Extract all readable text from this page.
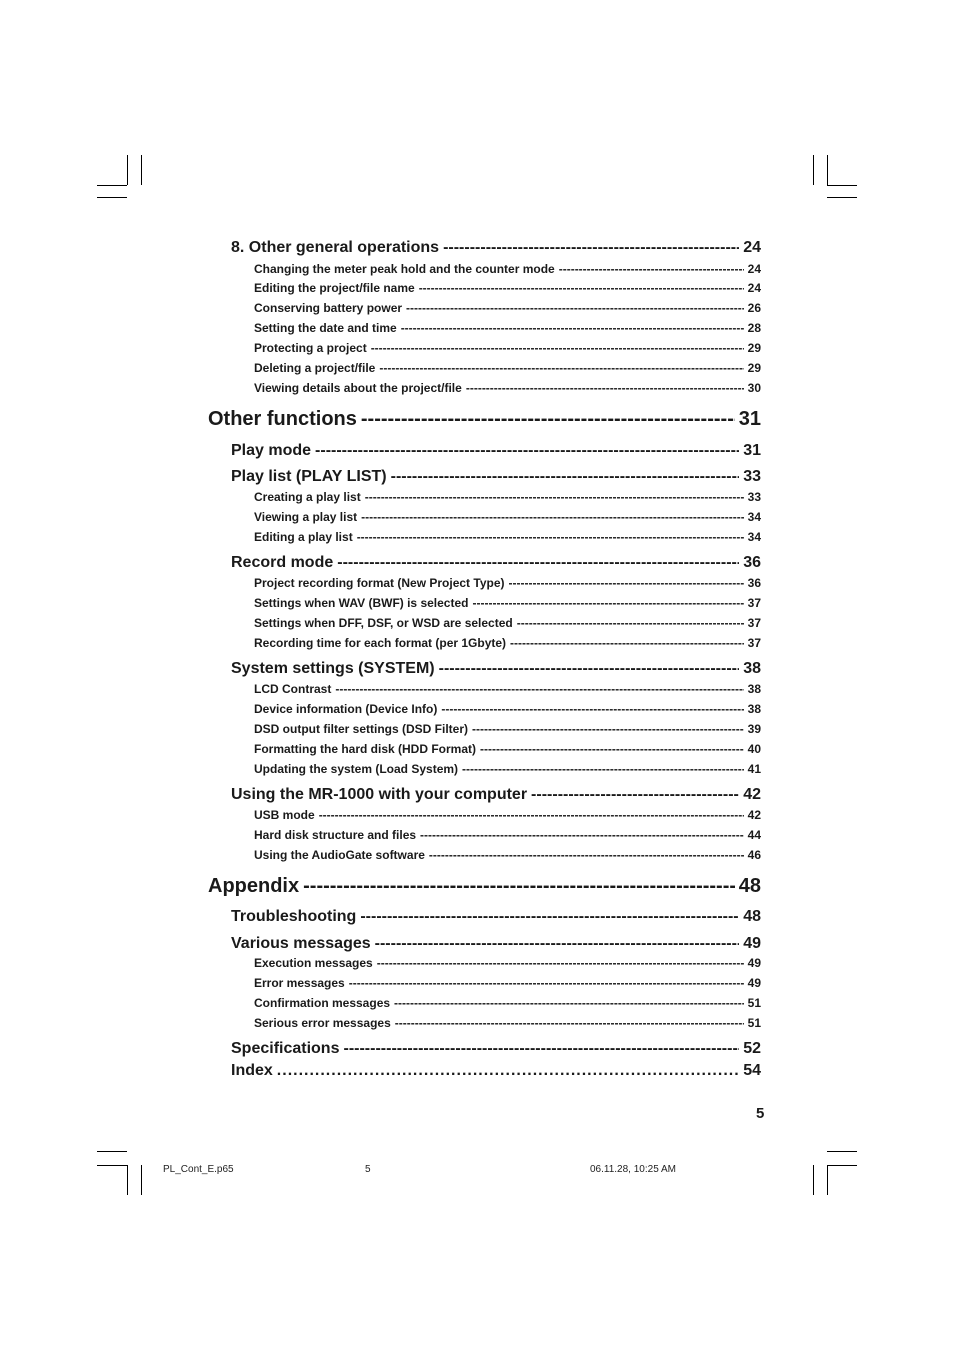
8. Other general operations -----	24
Changing the meter peak hold and the counter mode -----	24
Editing the project/file name -----	24
Conserving battery power -----	26
Setting the date and time -----	28
Protecting a project -----	29
Deleting a project/file -----	29
Viewing details about the project/file -----	30
Other functions -----	31
Play mode -----	31
Play list (PLAY LIST) -----	33
Creating a play list -----	33
Viewing a play list -----	34
Editing a play list -----	34
Record mode -----	36
Project recording format (New Project Type) -----	36
Settings when WAV (BWF) is selected -----	37
Settings when DFF, DSF, or WSD are selected -----	37
Recording time for each format (per 1Gbyte) -----	37
System settings (SYSTEM) -----	38
LCD Contrast -----	38
Device information (Device Info) -----	38
DSD output filter settings (DSD Filter) -----	39
Formatting the hard disk (HDD Format) -----	40
Updating the system (Load System) -----	41
Using the MR-1000 with your computer -----	42
USB mode -----	42
Hard disk structure and files -----	44
Using the AudioGate software -----	46
Appendix -----	48
Troubleshooting -----	48
Various messages -----	49
Execution messages -----	49
Error messages -----	49
Confirmation messages -----	51
Serious error messages -----	51
Specifications -----	52
Index .....	54
5
PL_Cont_E.p65	5	06.11.28, 10:25 AM
